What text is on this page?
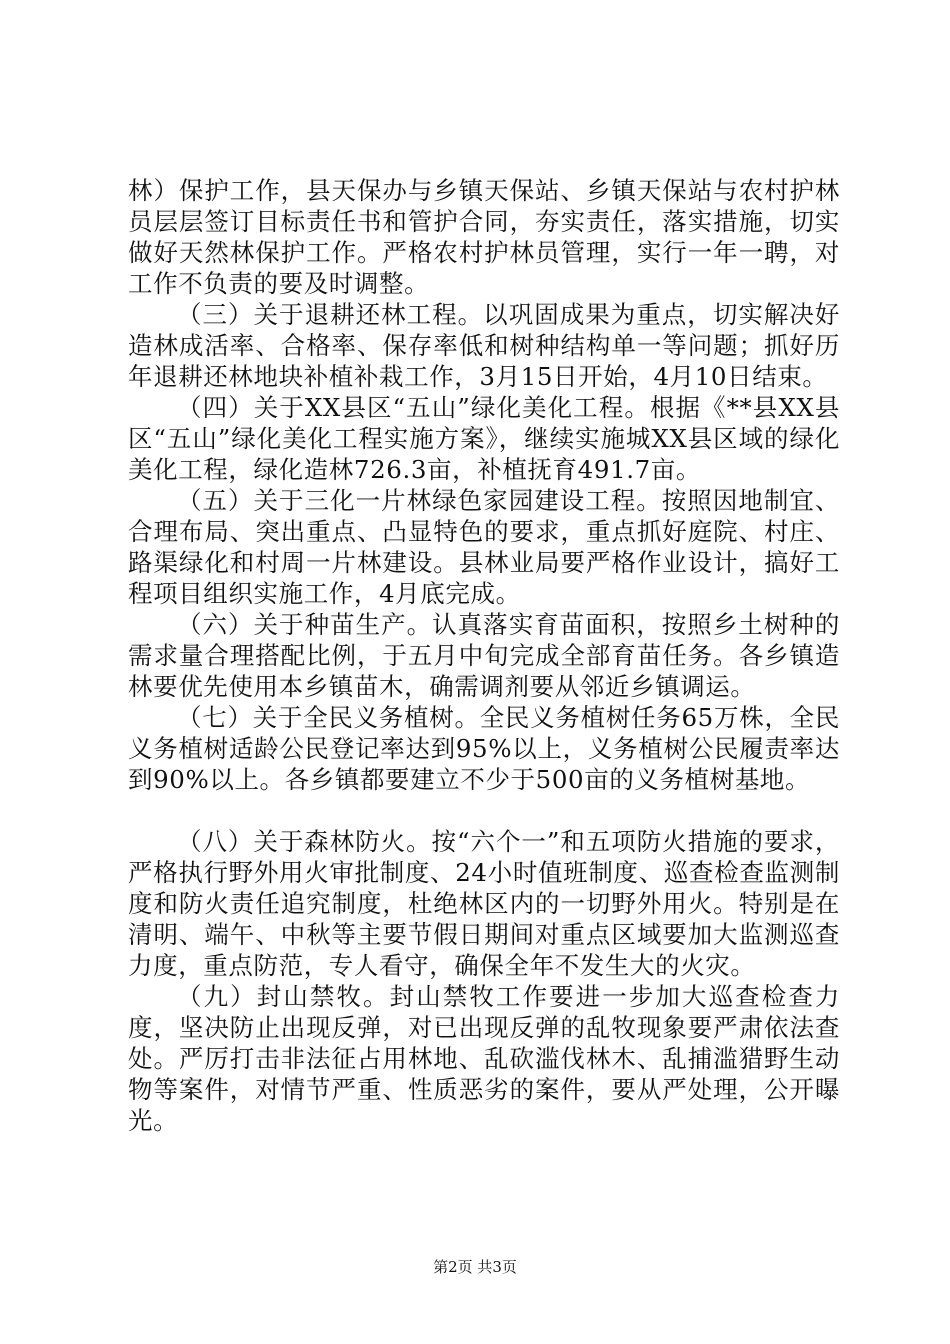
林）保护工作，县天保办与乡镇天保站、乡镇天保站与农村护林员层层签订目标责任书和管护合同，夯实责任，落实措施，切实做好天然林保护工作。严格农村护林员管理，实行一年一聘，对工作不负责的要及时调整。

（三）关于退耕还林工程。以巩固成果为重点，切实解决好造林成活率、合格率、保存率低和树种结构单一等问题；抓好历年退耕还林地块补植补栽工作，3月15日开始，4月10日结束。

（四）关于XX县区“五山”绿化美化工程。根据《**县XX县区“五山”绿化美化工程实施方案》，继续实施城XX县区域的绿化美化工程，绿化造林726.3亩，补植抚育491.7亩。

（五）关于三化一片林绿色家园建设工程。按照因地制宜、合理布局、突出重点、凸显特色的要求，重点抓好庭院、村庄、路渠绿化和村周一片林建设。县林业局要严格作业设计，搞好工程项目组织实施工作，4月底完成。

（六）关于种苗生产。认真落实育苗面积，按照乡土树种的需求量合理搭配比例，于五月中旬完成全部育苗任务。各乡镇造林要优先使用本乡镇苗木，确需调剂要从邻近乡镇调运。

（七）关于全民义务植树。全民义务植树任务65万株，全民义务植树适龄公民登记率达到95%以上，义务植树公民履责率达到90%以上。各乡镇都要建立不少于500亩的义务植树基地。

（八）关于森林防火。按“六个一”和五项防火措施的要求，严格执行野外用火审批制度、24小时值班制度、巡查检查监测制度和防火责任追究制度，杜绝林区内的一切野外用火。特别是在清明、端午、中秋等主要节假日期间对重点区域要加大监测巡查力度，重点防范，专人看守，确保全年不发生大的火灾。

（九）封山禁牧。封山禁牧工作要进一步加大巡查检查力度，坚决防止出现反弹，对已出现反弹的乱牧现象要严肃依法查处。严厉打击非法征占用林地、乱砍滥伐林木、乱捕滥猎野生动物等案件，对情节严重、性质恶劣的案件，要从严处理，公开曝光。

第2页 共3页
